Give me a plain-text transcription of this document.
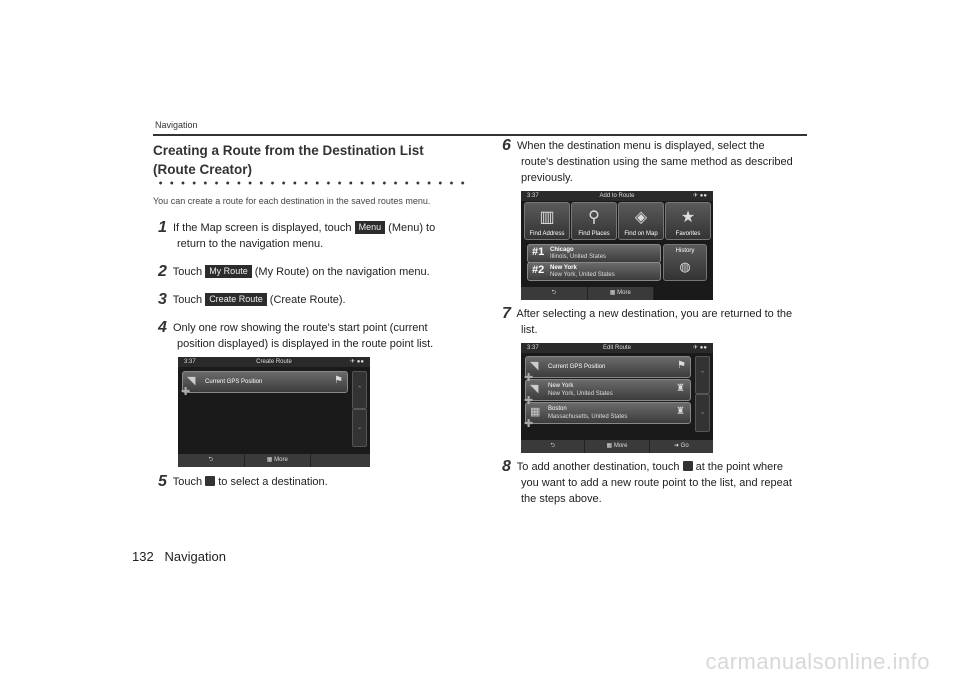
Navigation
Creating a Route from the Destination List
(Route Creator)
You can create a route for each destination in the saved routes menu.
1 If the Map screen is displayed, touch Menu (Menu) to
return to the navigation menu.
2 Touch My Route (My Route) on the navigation menu.
3 Touch Create Route (Create Route).
4 Only one row showing the route's start point (current
position displayed) is displayed in the route point list.
3:37	Create Route	✈ ●●
◥ Current GPS Position	⚑
✚	⌃
⌄
⮌	▦ More
5 Touch to select a destination.
6 When the destination menu is displayed, select the
route's destination using the same method as described
previously.
3:37	Add to Route	✈ ●●
▥
Find Address
⚲
Find Places
◈
Find on Map
★
Favorites
#1 Chicago
Illinois, United States
#2 New York
New York, United States
History
◍
⮌	▦ More
7 After selecting a new destination, you are returned to the
list.
3:37	Edit Route	✈ ●●
◥ Current GPS Position	⚑
◥ New York
New York, United States	♜
▦ Boston
Massachusetts, United States	♜
✚
✚
✚
⌃
⌄
⮌	▦ More	➜ Go
8 To add another destination, touch at the point where
you want to add a new route point to the list, and repeat
the steps above.
132 Navigation
carmanualsonline.info
